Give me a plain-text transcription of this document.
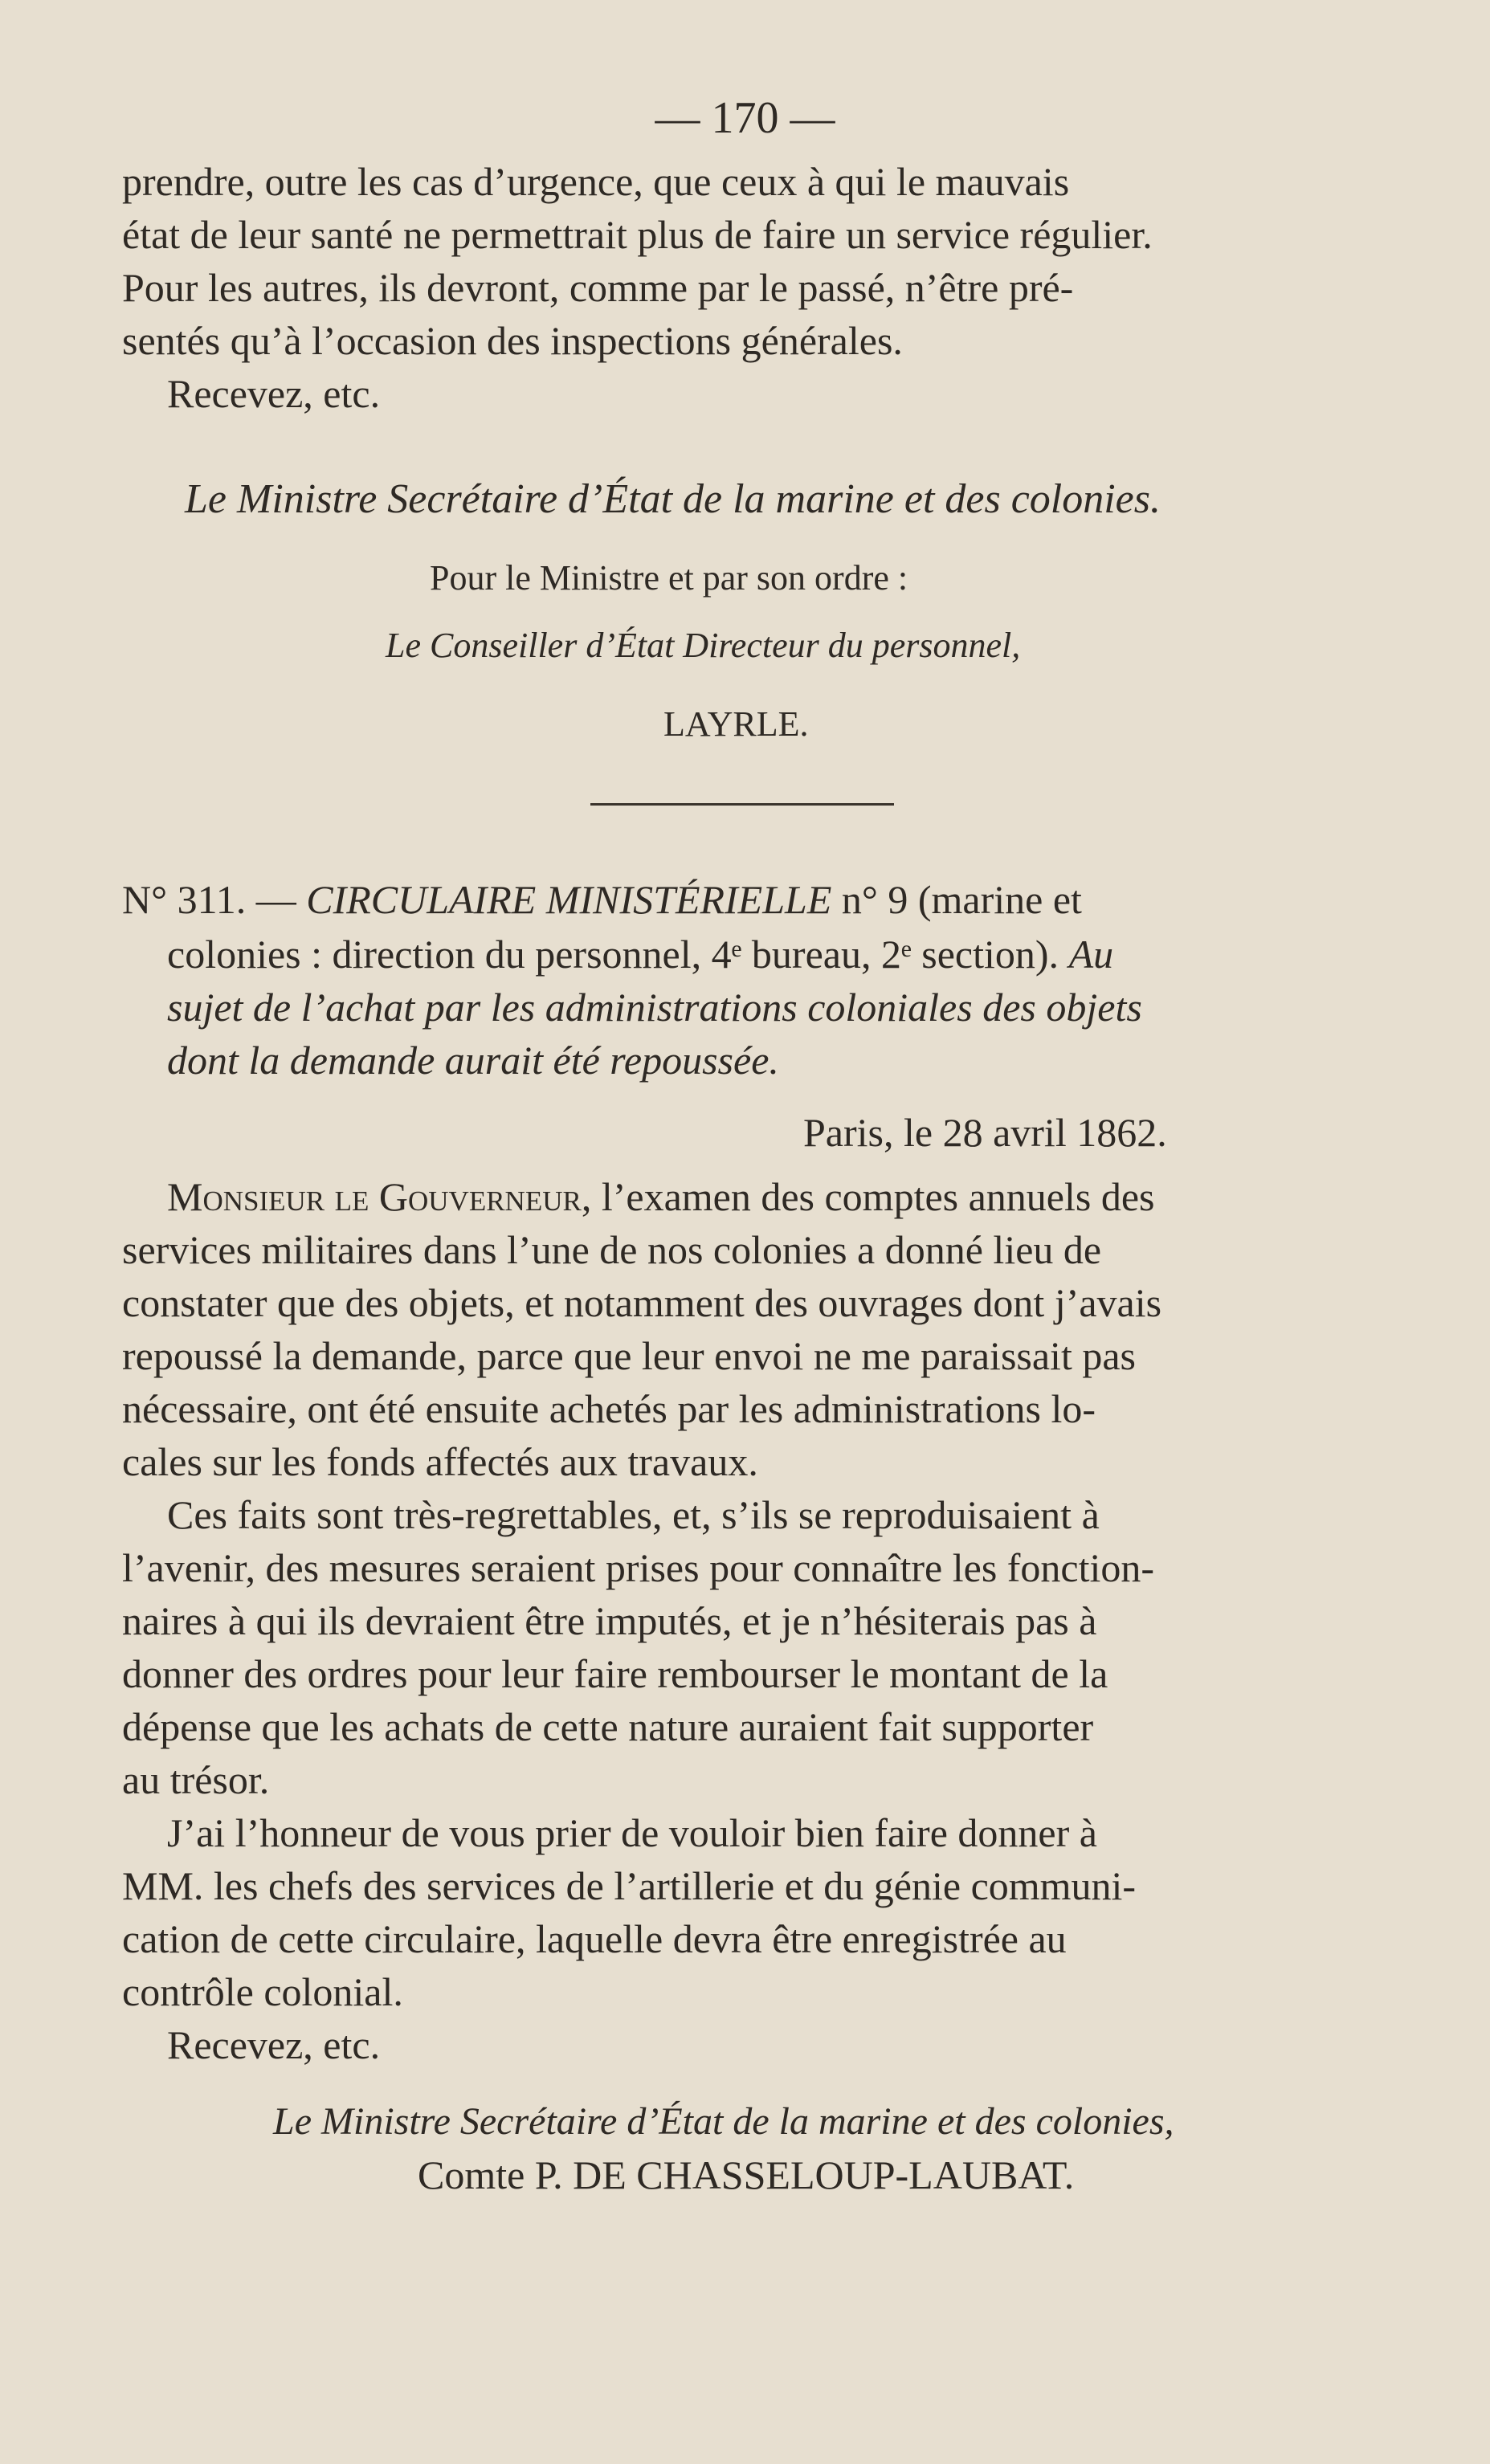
— 170 —

prendre, outre les cas d’urgence, que ceux à qui le mauvais

état de leur santé ne permettrait plus de faire un service régulier.

Pour les autres, ils devront, comme par le passé, n’être pré-

sentés qu’à l’occasion des inspections générales.

Recevez, etc.

Le Ministre Secrétaire d’État de la marine et des colonies.

Pour le Ministre et par son ordre :

Le Conseiller d’État Directeur du personnel,

LAYRLE.

N° 311. — CIRCULAIRE MINISTÉRIELLE n° 9 (marine et

colonies : direction du personnel, 4ᵉ bureau, 2ᵉ section). Au

sujet de l’achat par les administrations coloniales des objets

dont la demande aurait été repoussée.

Paris, le 28 avril 1862.

Monsieur le Gouverneur, l’examen des comptes annuels des

services militaires dans l’une de nos colonies a donné lieu de

constater que des objets, et notamment des ouvrages dont j’avais

repoussé la demande, parce que leur envoi ne me paraissait pas

nécessaire, ont été ensuite achetés par les administrations lo-

cales sur les fonds affectés aux travaux.

Ces faits sont très-regrettables, et, s’ils se reproduisaient à

l’avenir, des mesures seraient prises pour connaître les fonction-

naires à qui ils devraient être imputés, et je n’hésiterais pas à

donner des ordres pour leur faire rembourser le montant de la

dépense que les achats de cette nature auraient fait supporter

au trésor.

J’ai l’honneur de vous prier de vouloir bien faire donner à

MM. les chefs des services de l’artillerie et du génie communi-

cation de cette circulaire, laquelle devra être enregistrée au

contrôle colonial.

Recevez, etc.

Le Ministre Secrétaire d’État de la marine et des colonies,

Comte P. DE CHASSELOUP-LAUBAT.
